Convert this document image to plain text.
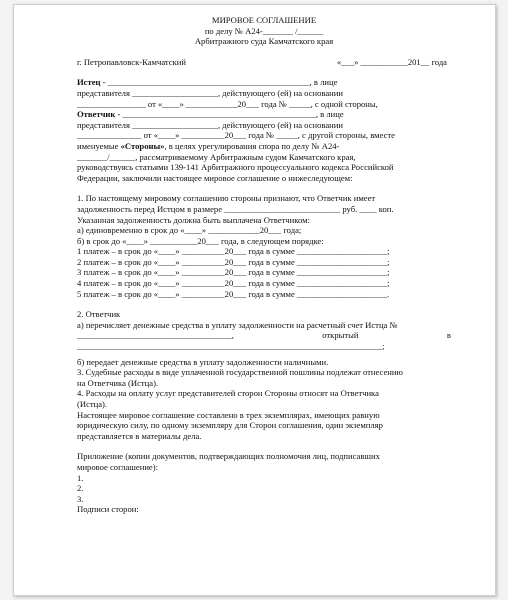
МИРОВОЕ СОГЛАШЕНИЕ
по делу № А24-_______ /______
Арбитражного суда Камчатского края
г. Петропавловск-Камчатский	«___» ___________201__ года
Истец - _______________________________________________, в лице
представителя ____________________, действующего (ей) на основании
________________ от «____» ____________20___ года № _____, с одной стороны,
Ответчик - _____________________________________________, в лице
представителя ____________________, действующего (ей) на основании
_______________ от «____» __________20___ года № _____, с другой стороны, вместе
именуемые «Стороны», в целях урегулирования спора по делу № А24-
_______/______, рассматриваемому Арбитражным судом Камчатского края,
руководствуясь статьями 139-141 Арбитражного процессуального кодекса Российской
Федерации, заключили настоящее мировое соглашение о нижеследующем:
1. По настоящему мировому соглашению стороны признают, что Ответчик имеет
задолженность перед Истцом в размере ___________________________ руб. ____ коп.
Указанная задолженность должна быть выплачена Ответчиком:
а) единовременно в срок до «____» ____________20___ года;
б) в срок до «____» ___________20___ года, в следующем порядке:
1 платеж – в срок до «____» __________20___ года в сумме _____________________;
2 платеж – в срок до «____» __________20___ года в сумме _____________________;
3 платеж – в срок до «____» __________20___ года в сумме _____________________;
4 платеж – в срок до «____» __________20___ года в сумме _____________________;
5 платеж – в срок до «____» __________20___ года в сумме _____________________.
2. Ответчик
а) перечисляет денежные средства в уплату задолженности на расчетный счет Истца №
____________________________________,	открытый	в
_______________________________________________________________________;
б) передает денежные средства в уплату задолженности наличными.
3. Судебные расходы в виде уплаченной государственной пошлины подлежат отнесению
на Ответчика (Истца).
4. Расходы на оплату услуг представителей сторон Стороны относят на Ответчика
(Истца).
Настоящее мировое соглашение составлено в трех экземплярах, имеющих равную
юридическую силу, по одному экземпляру для Сторон соглашения, один экземпляр
представляется в материалы дела.
Приложение (копии документов, подтверждающих полномочия лиц, подписавших
мировое соглашение):
1.
2.
3.
Подписи сторон:
